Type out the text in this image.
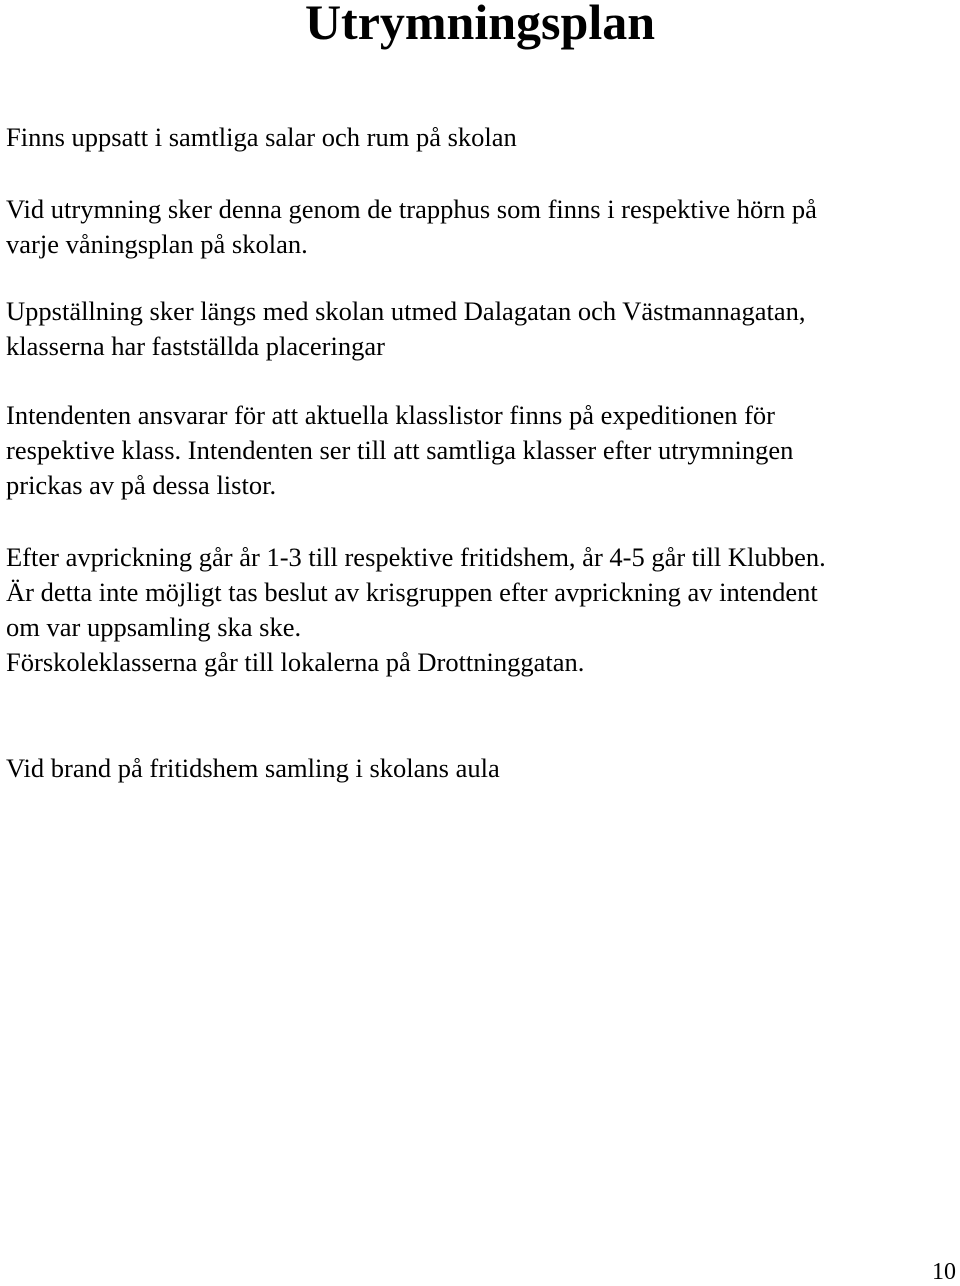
Utrymningsplan

Finns uppsatt i samtliga salar och rum på skolan

Vid utrymning sker denna genom de trapphus som finns i respektive hörn på
varje våningsplan på skolan.

Uppställning sker längs med skolan utmed Dalagatan och Västmannagatan,
klasserna har fastställda placeringar

Intendenten ansvarar för att aktuella klasslistor finns på expeditionen för
respektive klass. Intendenten ser till att samtliga klasser efter utrymningen
prickas av på dessa listor.

Efter avprickning går år 1-3 till respektive fritidshem, år 4-5 går till Klubben.
Är detta inte möjligt tas beslut av krisgruppen efter avprickning av intendent
om var uppsamling ska ske.
Förskoleklasserna går till lokalerna på Drottninggatan.

Vid brand på fritidshem samling i skolans aula

10
